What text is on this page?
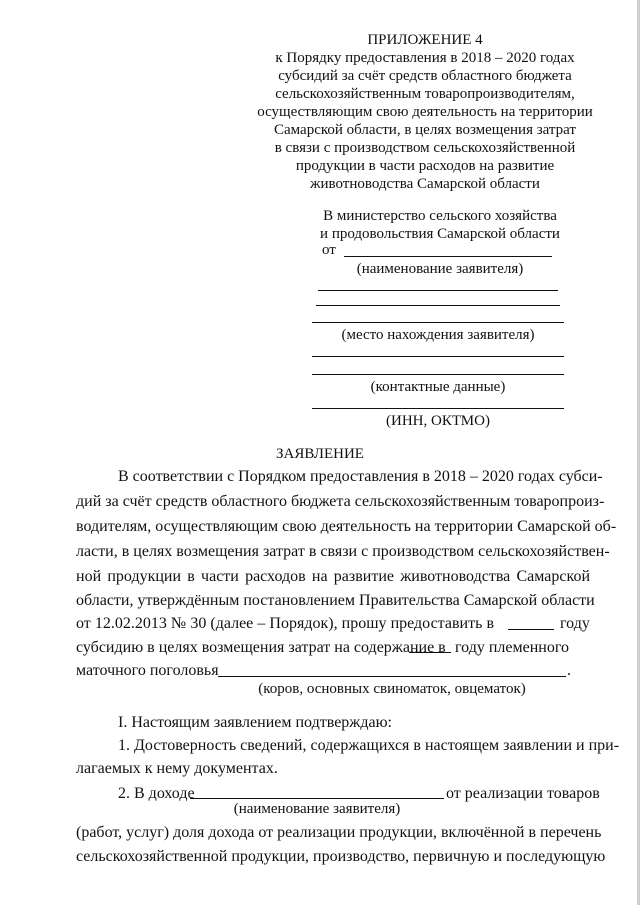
ПРИЛОЖЕНИЕ 4
к Порядку предоставления в 2018 – 2020 годах
субсидий за счёт средств областного бюджета
сельскохозяйственным товаропроизводителям,
осуществляющим свою деятельность на территории
Самарской области, в целях возмещения затрат
в связи с производством сельскохозяйственной
продукции в части расходов на развитие
животноводства Самарской области
В министерство сельского хозяйства
и продовольствия Самарской области
от
(наименование заявителя)
(место нахождения заявителя)
(контактные данные)
(ИНН, ОКТМО)
ЗАЯВЛЕНИЕ
В соответствии с Порядком предоставления в 2018 – 2020 годах субси-
дий за счёт средств областного бюджета сельскохозяйственным товаропроиз-
водителям, осуществляющим свою деятельность на территории Самарской об-
ласти, в целях возмещения затрат в связи с производством сельскохозяйствен-
ной продукции в части расходов на развитие животноводства Самарской
области, утверждённым постановлением Правительства Самарской области
от 12.02.2013 № 30 (далее – Порядок), прошу предоставить в	году
субсидию в целях возмещения затрат на содержание в году племенного
маточного поголовья	.
(коров, основных свиноматок, овцематок)
I. Настоящим заявлением подтверждаю:
1. Достоверность сведений, содержащихся в настоящем заявлении и при-
лагаемых к нему документах.
2. В доходе	от реализации товаров
(наименование заявителя)
(работ, услуг) доля дохода от реализации продукции, включённой в перечень
сельскохозяйственной продукции, производство, первичную и последующую
